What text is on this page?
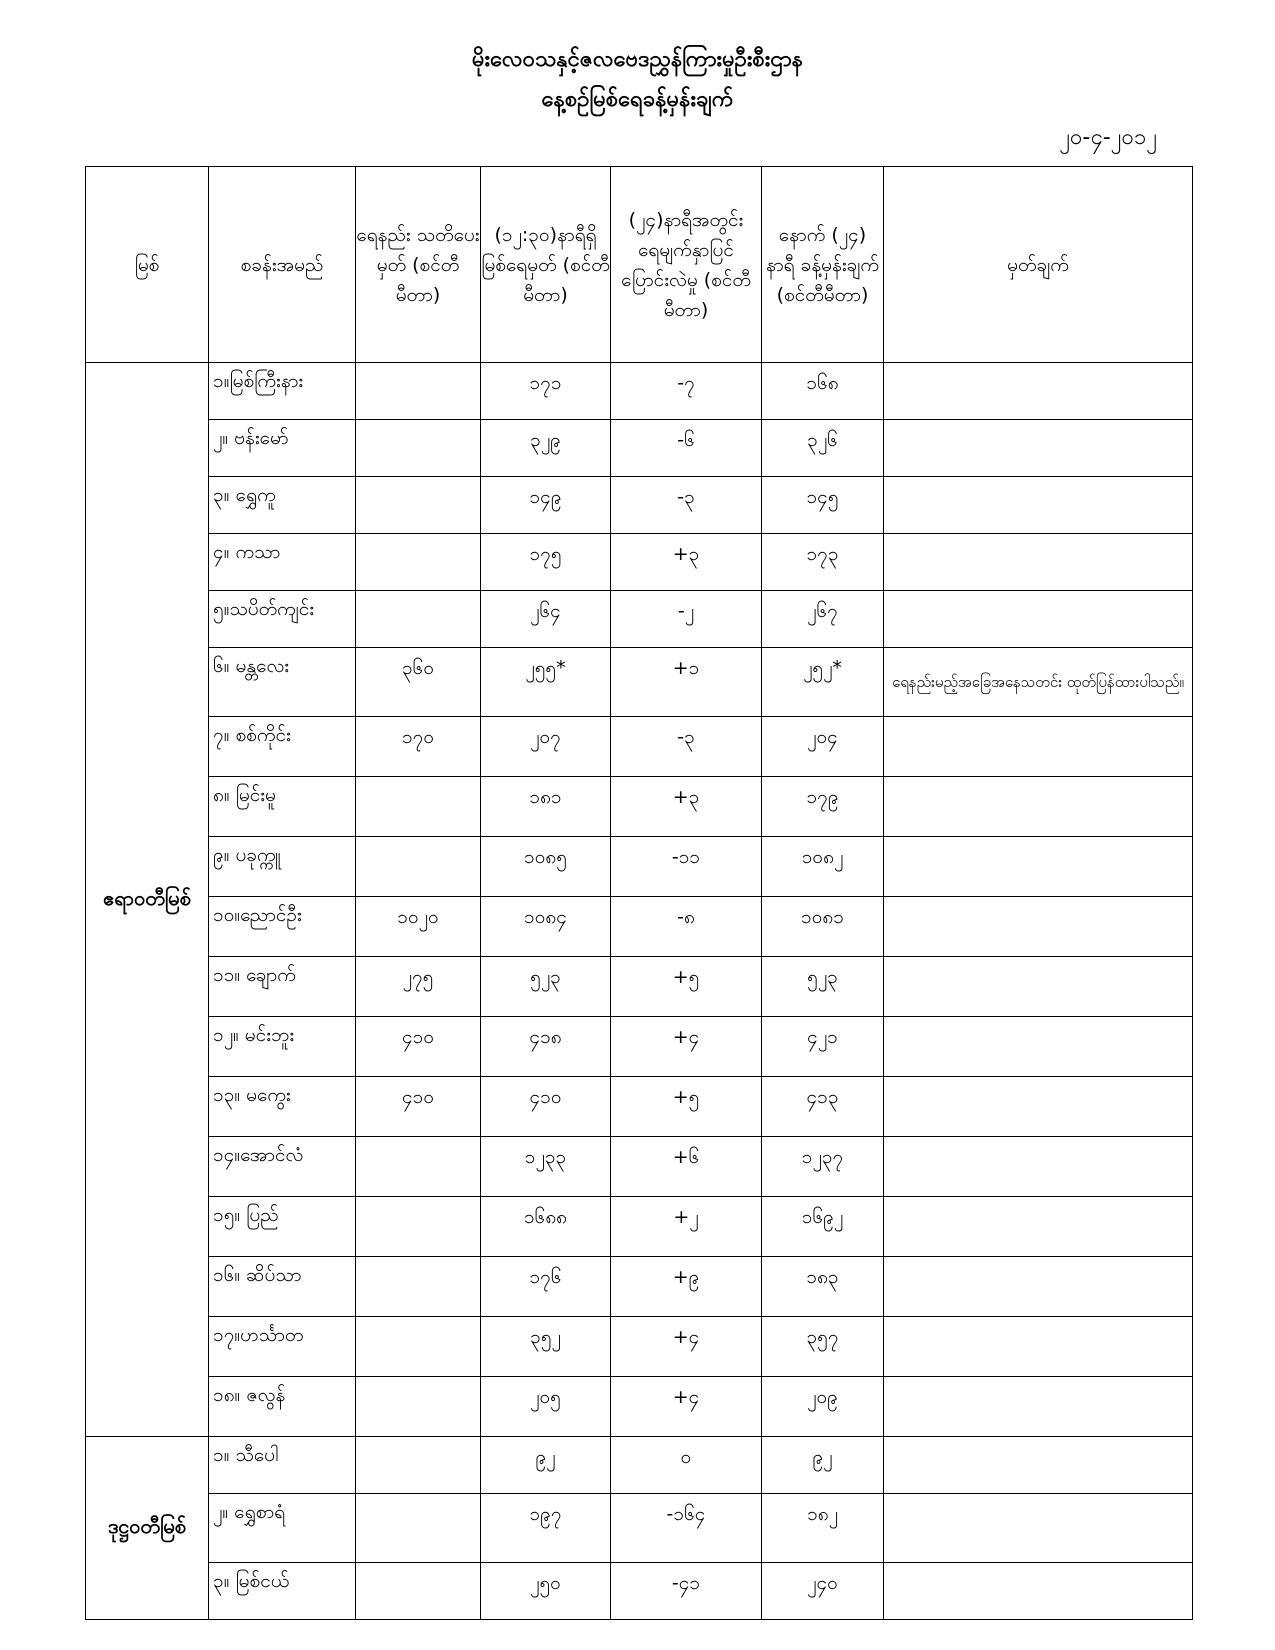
မိုးလေဝသနှင့်ဇလဗေဒညွှန်ကြားမှုဦးစီးဌာန
နေ့စဉ်မြစ်ရေခန့်မှန်းချက်
၂၀-၄-၂၀၁၂
မြစ်	စခန်းအမည်	ရေနည်း သတိပေးမှတ် (စင်တီမီတာ)	(၁၂:၃၀)နာရီရှိ မြစ်ရေမှတ် (စင်တီမီတာ)	(၂၄)နာရီအတွင်း ရေမျက်နှာပြင် ပြောင်းလဲမှု (စင်တီမီတာ)	နောက် (၂၄) နာရီ ခန့်မှန်းချက် (စင်တီမီတာ)	မှတ်ချက်
ဧရာဝတီမြစ်	၁။မြစ်ကြီးနား		၁၇၁	-၇	၁၆၈	
	၂။ ဗန်းမော်		၃၂၉	-၆	၃၂၆	
	၃။ ရွှေကူ		၁၄၉	-၃	၁၄၅	
	၄။ ကသာ		၁၇၅	+၃	၁၇၃	
	၅။သပိတ်ကျင်း		၂၆၄	-၂	၂၆၇	
	၆။ မန္တလေး	၃၆၀	၂၅၅*	+၁	၂၅၂*	ရေနည်းမည့်အခြေအနေသတင်း ထုတ်ပြန်ထားပါသည်။
	၇။ စစ်ကိုင်း	၁၇၀	၂၀၇	-၃	၂၀၄	
	၈။ မြင်းမူ		၁၈၁	+၃	၁၇၉	
	၉။ ပခုက္ကူ		၁၀၈၅	-၁၁	၁၀၈၂	
	၁၀။ညောင်ဦး	၁၀၂၀	၁၀၈၄	-၈	၁၀၈၁	
	၁၁။ ချောက်	၂၇၅	၅၂၃	+၅	၅၂၃	
	၁၂။ မင်းဘူး	၄၁၀	၄၁၈	+၄	၄၂၁	
	၁၃။ မကွေး	၄၁၀	၄၁၀	+၅	၄၁၃	
	၁၄။အောင်လံ		၁၂၃၃	+၆	၁၂၃၇	
	၁၅။ ပြည်		၁၆၈၈	+၂	၁၆၉၂	
	၁၆။ ဆိပ်သာ		၁၇၆	+၉	၁၈၃	
	၁၇။ဟင်္သာတ		၃၅၂	+၄	၃၅၇	
	၁၈။ ဇလွန်		၂၀၅	+၄	၂၀၉	
ဒုဋ္ဌဝတီမြစ်	၁။ သီပေါ		၉၂	၀	၉၂	
	၂။ ရွှေစာရံ		၁၉၇	-၁၆၄	၁၈၂	
	၃။ မြစ်ငယ်		၂၅၀	-၄၁	၂၄၀	
